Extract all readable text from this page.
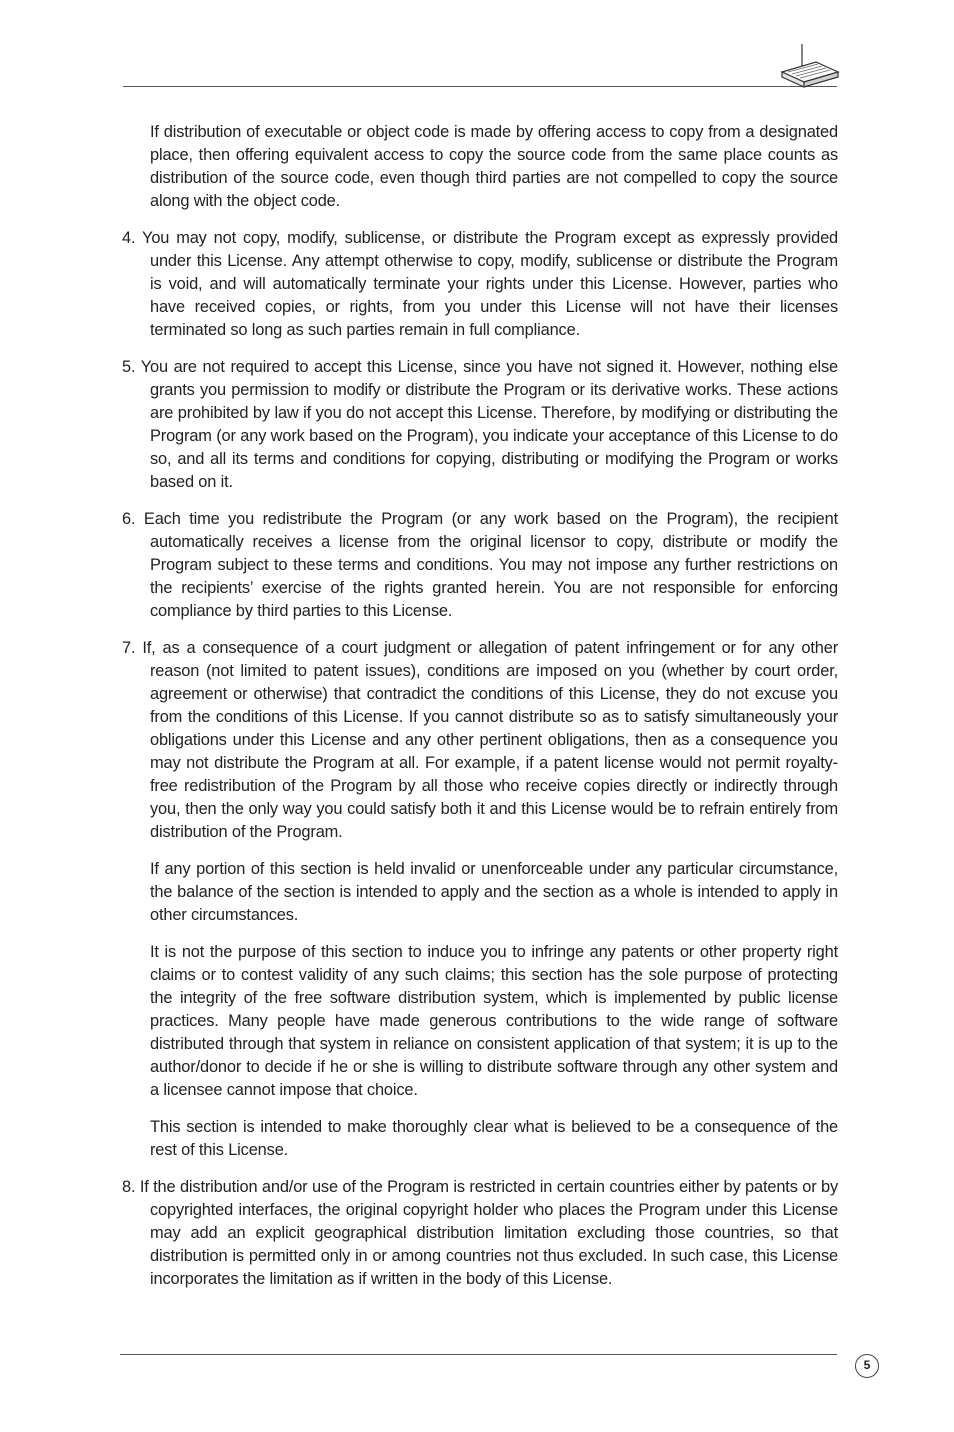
If distribution of executable or object code is made by offering access to copy from a designated place, then offering equivalent access to copy the source code from the same place counts as distribution of the source code, even though third parties are not compelled to copy the source along with the object code.

4. You may not copy, modify, sublicense, or distribute the Program except as expressly provided under this License. Any attempt otherwise to copy, modify, sublicense or distribute the Program is void, and will automatically terminate your rights under this License. However, parties who have received copies, or rights, from you under this License will not have their licenses terminated so long as such parties remain in full compliance.

5. You are not required to accept this License, since you have not signed it. However, nothing else grants you permission to modify or distribute the Program or its derivative works. These actions are prohibited by law if you do not accept this License. Therefore, by modifying or distributing the Program (or any work based on the Program), you indicate your acceptance of this License to do so, and all its terms and conditions for copying, distributing or modifying the Program or works based on it.

6. Each time you redistribute the Program (or any work based on the Program), the recipient automatically receives a license from the original licensor to copy, distribute or modify the Program subject to these terms and conditions. You may not impose any further restrictions on the recipients’ exercise of the rights granted herein. You are not responsible for enforcing compliance by third parties to this License.

7. If, as a consequence of a court judgment or allegation of patent infringement or for any other reason (not limited to patent issues), conditions are imposed on you (whether by court order, agreement or otherwise) that contradict the conditions of this License, they do not excuse you from the conditions of this License. If you cannot distribute so as to satisfy simultaneously your obligations under this License and any other pertinent obligations, then as a consequence you may not distribute the Program at all. For example, if a patent license would not permit royalty-free redistribution of the Program by all those who receive copies directly or indirectly through you, then the only way you could satisfy both it and this License would be to refrain entirely from distribution of the Program.

If any portion of this section is held invalid or unenforceable under any particular circumstance, the balance of the section is intended to apply and the section as a whole is intended to apply in other circumstances.

It is not the purpose of this section to induce you to infringe any patents or other property right claims or to contest validity of any such claims; this section has the sole purpose of protecting the integrity of the free software distribution system, which is implemented by public license practices. Many people have made generous contributions to the wide range of software distributed through that system in reliance on consistent application of that system; it is up to the author/donor to decide if he or she is willing to distribute software through any other system and a licensee cannot impose that choice.

This section is intended to make thoroughly clear what is believed to be a consequence of the rest of this License.

8. If the distribution and/or use of the Program is restricted in certain countries either by patents or by copyrighted interfaces, the original copyright holder who places the Program under this License may add an explicit geographical distribution limitation excluding those countries, so that distribution is permitted only in or among countries not thus excluded. In such case, this License incorporates the limitation as if written in the body of this License.

5
